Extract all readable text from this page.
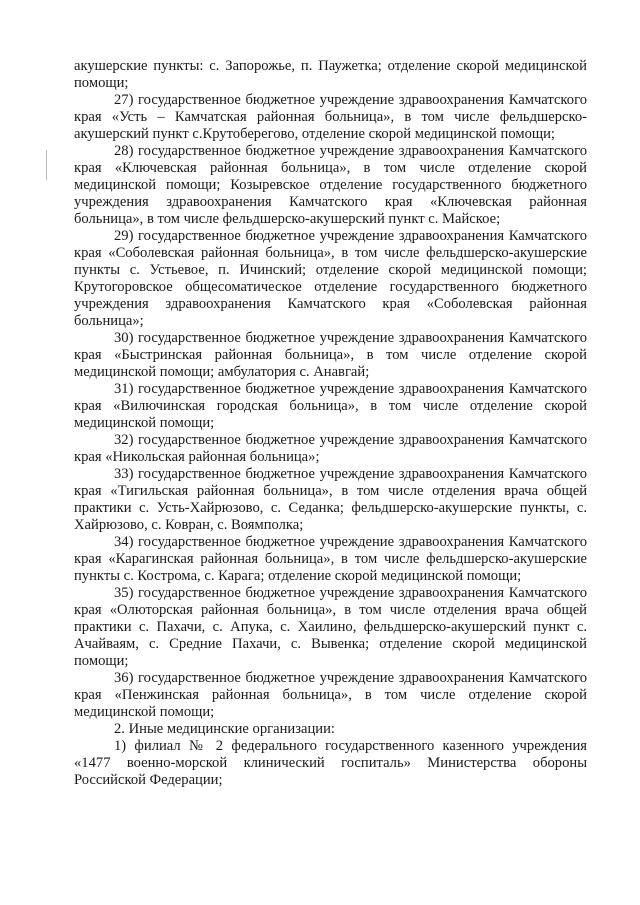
акушерские пункты: с. Запорожье, п. Паужетка; отделение скорой медицинской помощи;

27) государственное бюджетное учреждение здравоохранения Камчатского края «Усть – Камчатская районная больница», в том числе фельдшерско-акушерский пункт с.Крутоберегово, отделение скорой медицинской помощи;

28) государственное бюджетное учреждение здравоохранения Камчатского края «Ключевская районная больница», в том числе отделение скорой медицинской помощи; Козыревское отделение государственного бюджетного учреждения здравоохранения Камчатского края «Ключевская районная больница», в том числе фельдшерско-акушерский пункт с. Майское;

29) государственное бюджетное учреждение здравоохранения Камчатского края «Соболевская районная больница», в том числе фельдшерско-акушерские пункты с. Устьевое, п. Ичинский; отделение скорой медицинской помощи; Крутогоровское общесоматическое отделение государственного бюджетного учреждения здравоохранения Камчатского края «Соболевская районная больница»;

30) государственное бюджетное учреждение здравоохранения Камчатского края «Быстринская районная больница», в том числе отделение скорой медицинской помощи; амбулатория с. Анавгай;

31) государственное бюджетное учреждение здравоохранения Камчатского края «Вилючинская городская больница», в том числе отделение скорой медицинской помощи;

32) государственное бюджетное учреждение здравоохранения Камчатского края «Никольская районная больница»;

33) государственное бюджетное учреждение здравоохранения Камчатского края «Тигильская районная больница», в том числе отделения врача общей практики с. Усть-Хайрюзово, с. Седанка; фельдшерско-акушерские пункты, с. Хайрюзово, с. Ковран, с. Воямполка;

34) государственное бюджетное учреждение здравоохранения Камчатского края «Карагинская районная больница», в том числе фельдшерско-акушерские пункты с. Кострома, с. Карага; отделение скорой медицинской помощи;

35) государственное бюджетное учреждение здравоохранения Камчатского края «Олюторская районная больница», в том числе отделения врача общей практики с. Пахачи, с. Апука, с. Хаилино, фельдшерско-акушерский пункт с. Ачайваям, с. Средние Пахачи, с. Вывенка; отделение скорой медицинской помощи;

36) государственное бюджетное учреждение здравоохранения Камчатского края «Пенжинская районная больница», в том числе отделение скорой медицинской помощи;

2. Иные медицинские организации:

1) филиал № 2 федерального государственного казенного учреждения «1477 военно-морской клинический госпиталь» Министерства обороны Российской Федерации;
